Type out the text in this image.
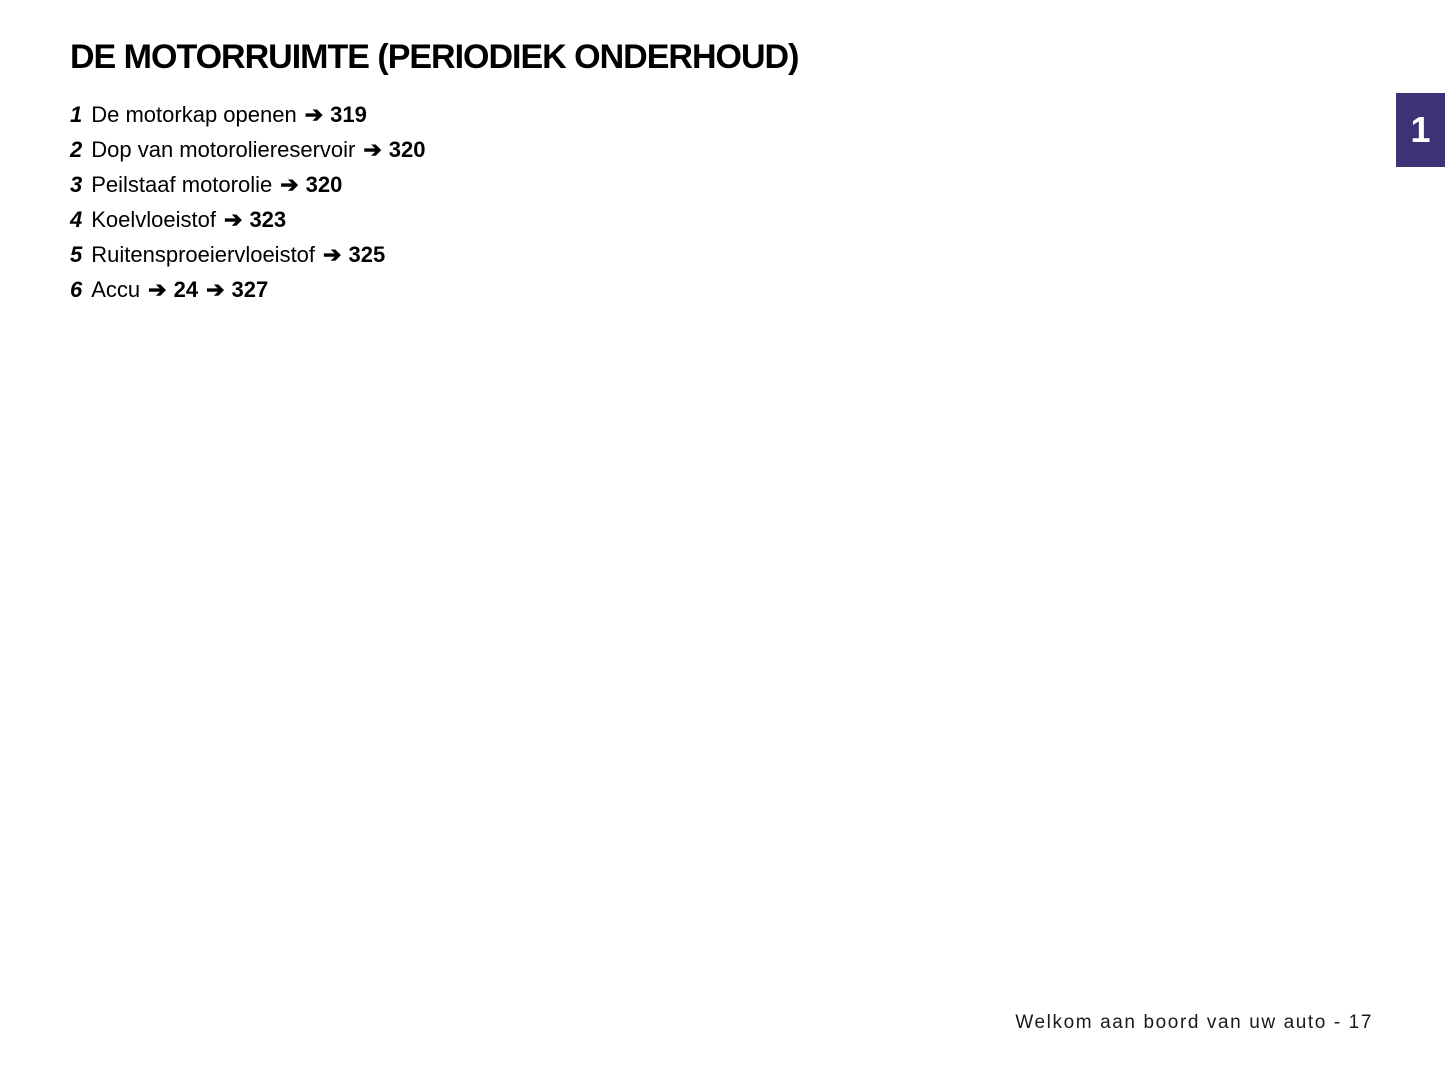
DE MOTORRUIMTE (PERIODIEK ONDERHOUD)
1 De motorkap openen ➔ 319
2 Dop van motoroliereservoir ➔ 320
3 Peilstaaf motorolie ➔ 320
4 Koelvloeistof ➔ 323
5 Ruitensproeiervloeistof ➔ 325
6 Accu ➔ 24 ➔ 327
1
Welkom aan boord van uw auto - 17
